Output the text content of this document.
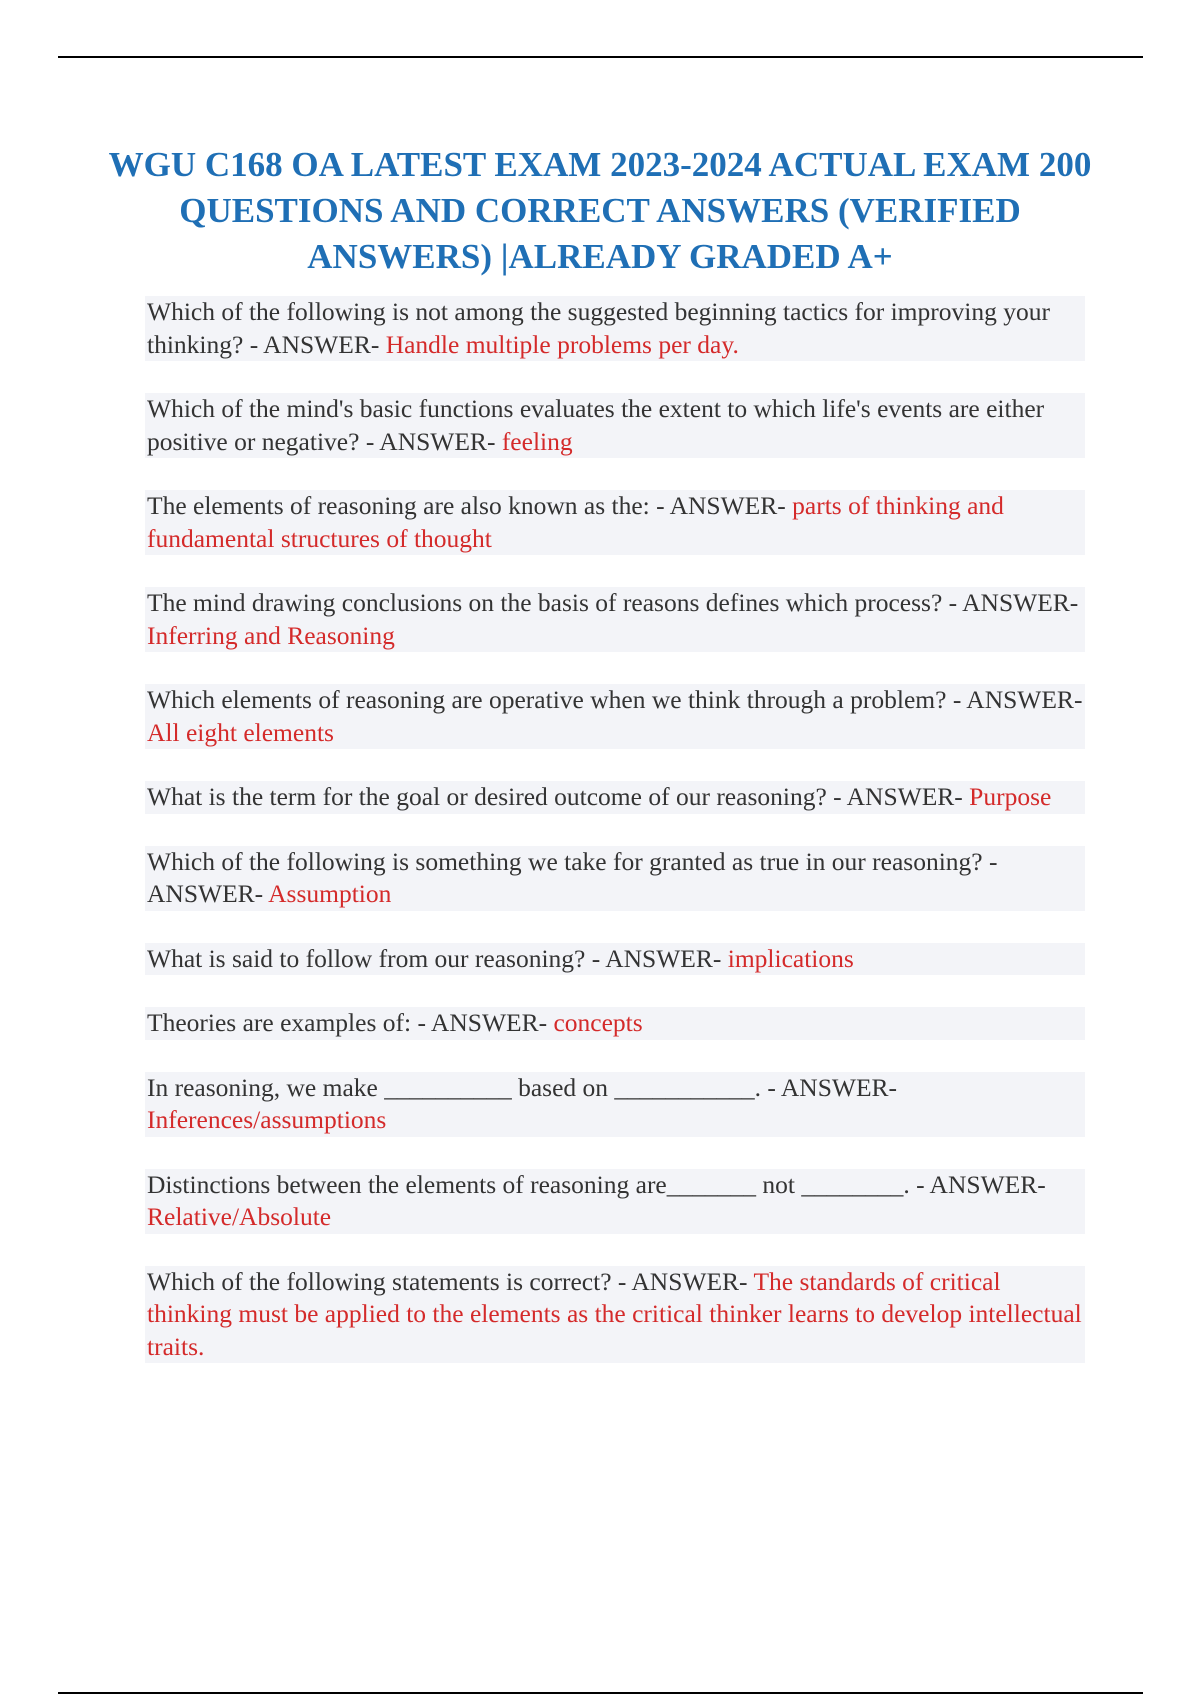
WGU C168 OA LATEST EXAM 2023-2024 ACTUAL EXAM 200 QUESTIONS AND CORRECT ANSWERS (VERIFIED ANSWERS) |ALREADY GRADED A+
Which of the following is not among the suggested beginning tactics for improving your thinking? - ANSWER- Handle multiple problems per day.
Which of the mind's basic functions evaluates the extent to which life's events are either positive or negative? - ANSWER- feeling
The elements of reasoning are also known as the: - ANSWER- parts of thinking and fundamental structures of thought
The mind drawing conclusions on the basis of reasons defines which process? - ANSWER- Inferring and Reasoning
Which elements of reasoning are operative when we think through a problem? - ANSWER- All eight elements
What is the term for the goal or desired outcome of our reasoning? - ANSWER- Purpose
Which of the following is something we take for granted as true in our reasoning? - ANSWER- Assumption
What is said to follow from our reasoning? - ANSWER- implications
Theories are examples of: - ANSWER- concepts
In reasoning, we make __________ based on ___________. - ANSWER- Inferences/assumptions
Distinctions between the elements of reasoning are_______ not ________. - ANSWER- Relative/Absolute
Which of the following statements is correct? - ANSWER- The standards of critical thinking must be applied to the elements as the critical thinker learns to develop intellectual traits.
